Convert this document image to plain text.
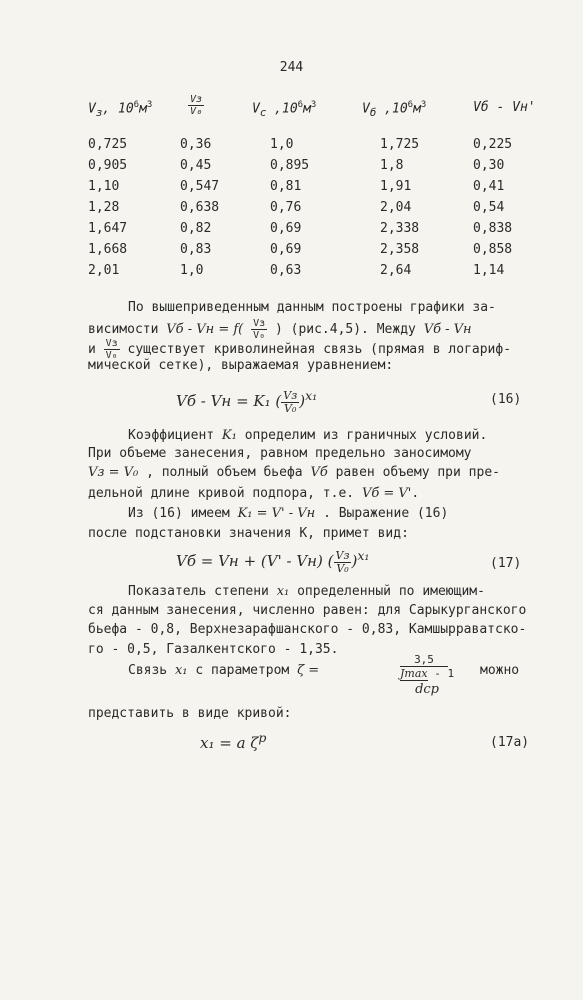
244
$V_з$, $10^6м^3$	$\frac{Vз}{\text{V₀}}$	$V_с$ $,10^6м^3$	$V_б$ $,10^6м^3$	Vб - Vн'
0,725	0,36	1,0	1,725	0,225
0,905	0,45	0,895	1,8	0,30
1,10	0,547	0,81	1,91	0,41
1,28	0,638	0,76	2,04	0,54
1,647	0,82	0,69	2,338	0,838
1,668	0,83	0,69	2,358	0,858
2,01	1,0	0,63	2,64	1,14
По вышеприведенным данным построены графики за-
висимости Vб - Vн = $f( \frac{Vз}{\text{V₀}}$ ) (рис.4,5). Между Vб - Vн
и $\frac{Vз}{\text{V₀}}$ существует криволинейная связь (прямая в логариф-
мической сетке), выражаемая уравнением:
Vб - Vн = K₁ ( $\frac{Vз}{\text{V₀}} )^{x_1}$	(16)
Коэффициент K₁ определим из граничных условий.
При объеме занесения, равном предельно заносимому
Vз = V₀ , полный объем бьефа Vб равен объему при пре-
дельной длине кривой подпора, т.е. Vб = V'.
Из (16) имеем K₁ = V' - Vн . Выражение (16)
после подстановки значения K, примет вид:
Vб = Vн + (V' - Vн) ( $\frac{Vз}{\text{V₀}} )^{x_1}$
(17)
Показатель степени x₁ определенный по имеющим-
ся данным занесения, численно равен: для Сарыкурганского
бьефа - 0,8, Верхнезарафшанского - 0,83, Камшырраватско-
го - 0,5, Газалкентского - 1,35.
Связь x₁ с параметром ζ =
3,5
Jmax - 1
dср
можно
представить в виде кривой:
x₁ = a $\zeta^p$	(17а)
